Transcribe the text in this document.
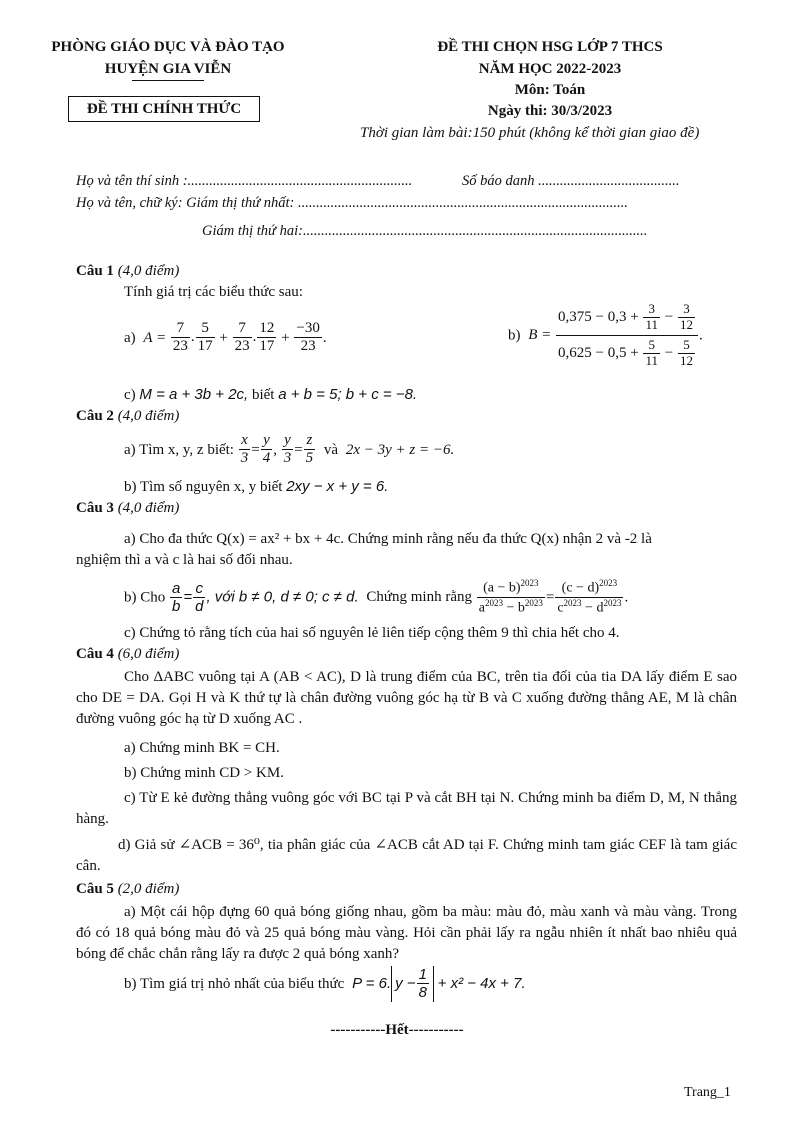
PHÒNG GIÁO DỤC VÀ ĐÀO TẠO
HUYỆN GIA VIỄN
ĐỀ THI CHÍNH THỨC
ĐỀ THI CHỌN HSG LỚP 7 THCS
NĂM HỌC 2022-2023
Môn: Toán
Ngày thi: 30/3/2023
Thời gian làm bài:150 phút (không kể thời gian giao đề)
Họ và tên thí sinh :..............................................................	Số báo danh .......................................
Họ và tên, chữ ký: Giám thị thứ nhất: ...........................................................................................
Giám thị thứ hai:...............................................................................................
Câu 1 (4,0 điểm)
Tính giá trị các biểu thức sau:
a) $A = \frac{7}{23}$ . $\frac{5}{17} + \frac{7}{23}$ . $\frac{12}{17} + \frac{-30}{23}$ .	b) $B = \frac{0,375 - 0,3 + \frac{3}{11} - \frac{3}{12}}{0,625 - 0,5 + \frac{5}{11} - \frac{5}{12}}$ .
c) M = a + 3b + 2c, biết a + b = 5; b + c = −8.
Câu 2 (4,0 điểm)
a) Tìm x, y, z biết: $\frac{x}{3} = \frac{y}{4}$ , $\frac{y}{3} = \frac{z}{5}$ và 2x − 3y + z = −6.
b) Tìm số nguyên x, y biết 2xy − x + y = 6.
Câu 3 (4,0 điểm)
a) Cho đa thức Q(x) = ax² + bx + 4c. Chứng minh rằng nếu đa thức Q(x) nhận 2 và -2 là
nghiệm thì a và c là hai số đối nhau.
b) Cho $\frac{a}{b} = \frac{c}{d}$ , với b ≠ 0, d ≠ 0; c ≠ d. Chứng minh rằng $\frac{(a - b)^{2023}}{a^{2023} - b^{2023}} = \frac{(c - d)^{2023}}{c^{2023} - d^{2023}}$ .
c) Chứng tỏ rằng tích của hai số nguyên lẻ liên tiếp cộng thêm 9 thì chia hết cho 4.
Câu 4 (6,0 điểm)
Cho ΔABC vuông tại A (AB < AC), D là trung điểm của BC, trên tia đối của tia DA lấy điểm E sao cho DE = DA. Gọi H và K thứ tự là chân đường vuông góc hạ từ B và C xuống đường thẳng AE, M là chân đường vuông góc hạ từ D xuống AC .
a) Chứng minh BK = CH.
b) Chứng minh CD > KM.
c) Từ E kẻ đường thẳng vuông góc với BC tại P và cắt BH tại N. Chứng minh ba điểm D, M, N thẳng hàng.
d) Giả sử ∠ACB = 36⁰, tia phân giác của ∠ACB cắt AD tại F. Chứng minh tam giác CEF là tam giác cân.
Câu 5 (2,0 điểm)
a) Một cái hộp đựng 60 quả bóng giống nhau, gồm ba màu: màu đỏ, màu xanh và màu vàng. Trong đó có 18 quả bóng màu đỏ và 25 quả bóng màu vàng. Hỏi cần phải lấy ra ngẫu nhiên ít nhất bao nhiêu quả bóng để chắc chắn rằng lấy ra được 2 quả bóng xanh?
b) Tìm giá trị nhỏ nhất của biểu thức P = 6. $y - \frac{1}{8} + x^2 - 4x + 7$.
-----------Hết-----------
Trang_1
